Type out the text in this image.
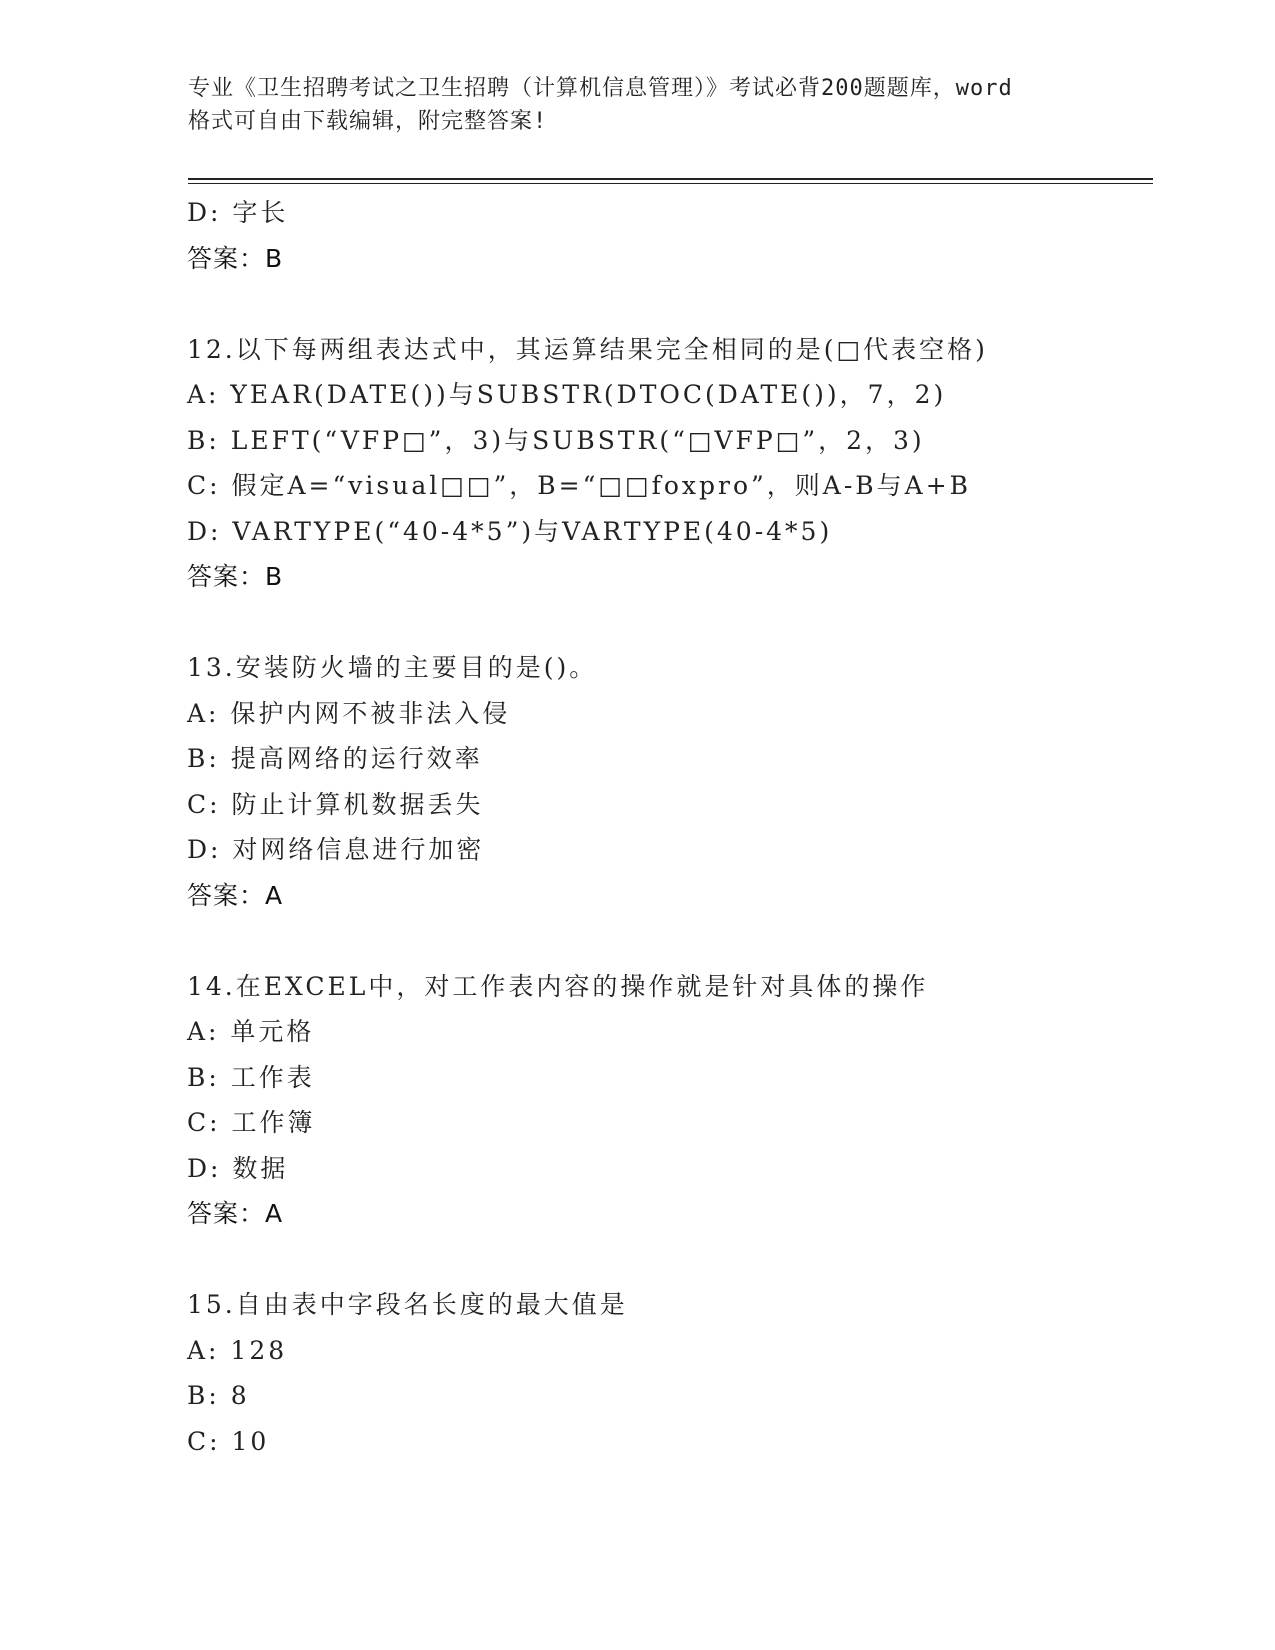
专业《卫生招聘考试之卫生招聘（计算机信息管理）》考试必背200题题库，word
格式可自由下载编辑，附完整答案!
D: 字长
答案：B
12.以下每两组表达式中，其运算结果完全相同的是(□代表空格)
A: YEAR(DATE())与SUBSTR(DTOC(DATE())，7，2)
B: LEFT(“VFP□”，3)与SUBSTR(“□VFP□”，2，3)
C: 假定A=“visual□□”，B=“□□foxpro”，则A-B与A+B
D: VARTYPE(“40-4*5”)与VARTYPE(40-4*5)
答案：B
13.安装防火墙的主要目的是()。
A: 保护内网不被非法入侵
B: 提高网络的运行效率
C: 防止计算机数据丢失
D: 对网络信息进行加密
答案：A
14.在EXCEL中，对工作表内容的操作就是针对具体的操作
A: 单元格
B: 工作表
C: 工作簿
D: 数据
答案：A
15.自由表中字段名长度的最大值是
A: 128
B: 8
C: 10
